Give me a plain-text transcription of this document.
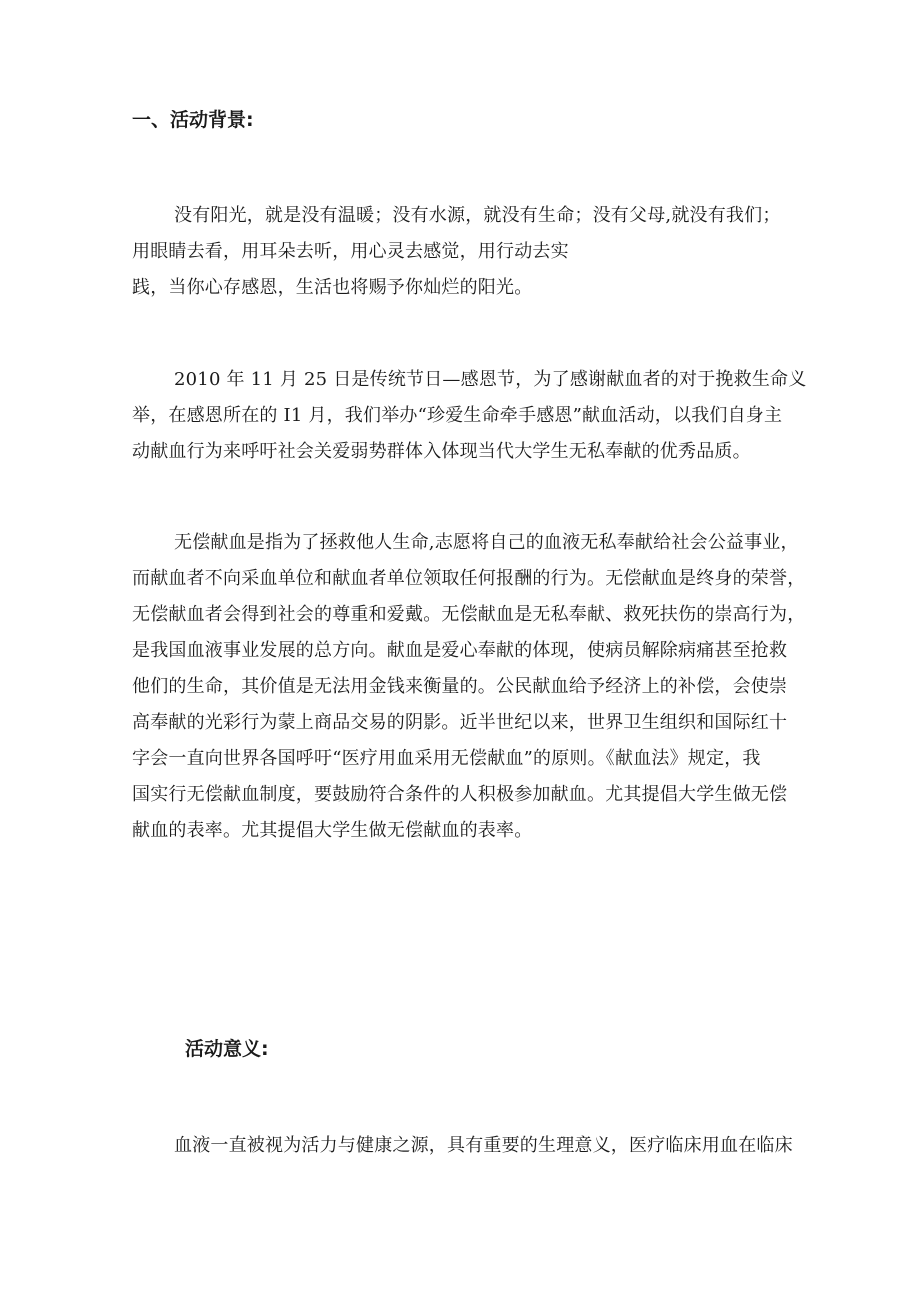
一、活动背景:

没有阳光，就是没有温暖；没有水源，就没有生命；没有父母,就没有我们；
用眼睛去看，用耳朵去听，用心灵去感觉，用行动去实
践，当你心存感恩，生活也将赐予你灿烂的阳光。

2010 年 11 月 25 日是传统节日—感恩节，为了感谢献血者的对于挽救生命义
举，在感恩所在的 I1 月，我们举办“珍爱生命牵手感恩”献血活动，以我们自身主
动献血行为来呼吁社会关爱弱势群体入体现当代大学生无私奉献的优秀品质。

无偿献血是指为了拯救他人生命,志愿将自己的血液无私奉献给社会公益事业，
而献血者不向采血单位和献血者单位领取任何报酬的行为。无偿献血是终身的荣誉，
无偿献血者会得到社会的尊重和爱戴。无偿献血是无私奉献、救死扶伤的崇高行为，
是我国血液事业发展的总方向。献血是爱心奉献的体现，使病员解除病痛甚至抢救
他们的生命，其价值是无法用金钱来衡量的。公民献血给予经济上的补偿，会使崇
高奉献的光彩行为蒙上商品交易的阴影。近半世纪以来，世界卫生组织和国际红十
字会一直向世界各国呼吁“医疗用血采用无偿献血”的原则。《献血法》规定，我
国实行无偿献血制度，要鼓励符合条件的人积极参加献血。尤其提倡大学生做无偿
献血的表率。尤其提倡大学生做无偿献血的表率。

活动意义:

血液一直被视为活力与健康之源，具有重要的生理意义，医疗临床用血在临床
